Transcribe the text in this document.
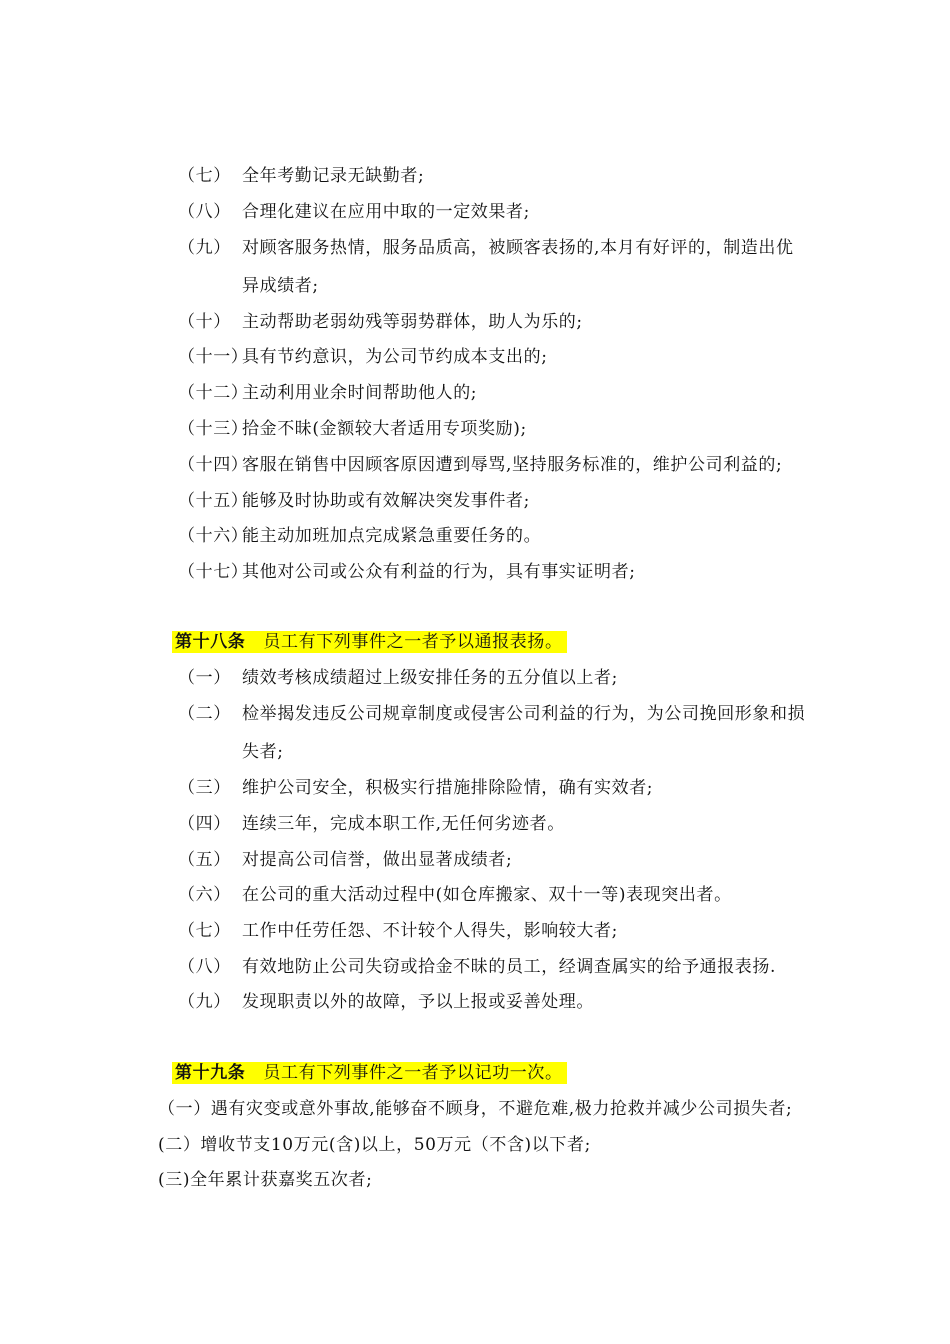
（七） 全年考勤记录无缺勤者;
（八） 合理化建议在应用中取的一定效果者;
（九） 对顾客服务热情，服务品质高，被顾客表扬的,本月有好评的，制造出优
异成绩者;
（十） 主动帮助老弱幼残等弱势群体，助人为乐的;
（十一）
具有节约意识，为公司节约成本支出的;
（十二）
主动利用业余时间帮助他人的;
（十三）
拾金不昧(金额较大者适用专项奖励);
（十四）
客服在销售中因顾客原因遭到辱骂,坚持服务标准的，维护公司利益的;
（十五）
能够及时协助或有效解决突发事件者;
（十六）
能主动加班加点完成紧急重要任务的。
（十七）
其他对公司或公众有利益的行为，具有事实证明者;
第十八条 员工有下列事件之一者予以通报表扬。
（一） 绩效考核成绩超过上级安排任务的五分值以上者;
（二） 检举揭发违反公司规章制度或侵害公司利益的行为，为公司挽回形象和损
失者;
（三） 维护公司安全，积极实行措施排除险情，确有实效者;
（四） 连续三年，完成本职工作,无任何劣迹者。
（五） 对提高公司信誉，做出显著成绩者;
（六） 在公司的重大活动过程中(如仓库搬家、双十一等)表现突出者。
（七） 工作中任劳任怨、不计较个人得失，影响较大者;
（八） 有效地防止公司失窃或拾金不昧的员工，经调查属实的给予通报表扬.
（九） 发现职责以外的故障，予以上报或妥善处理。
第十九条 员工有下列事件之一者予以记功一次。
（一）遇有灾变或意外事故,能够奋不顾身，不避危难,极力抢救并减少公司损失者;
(二）增收节支10万元(含)以上，50万元（不含)以下者;
(三)全年累计获嘉奖五次者;
